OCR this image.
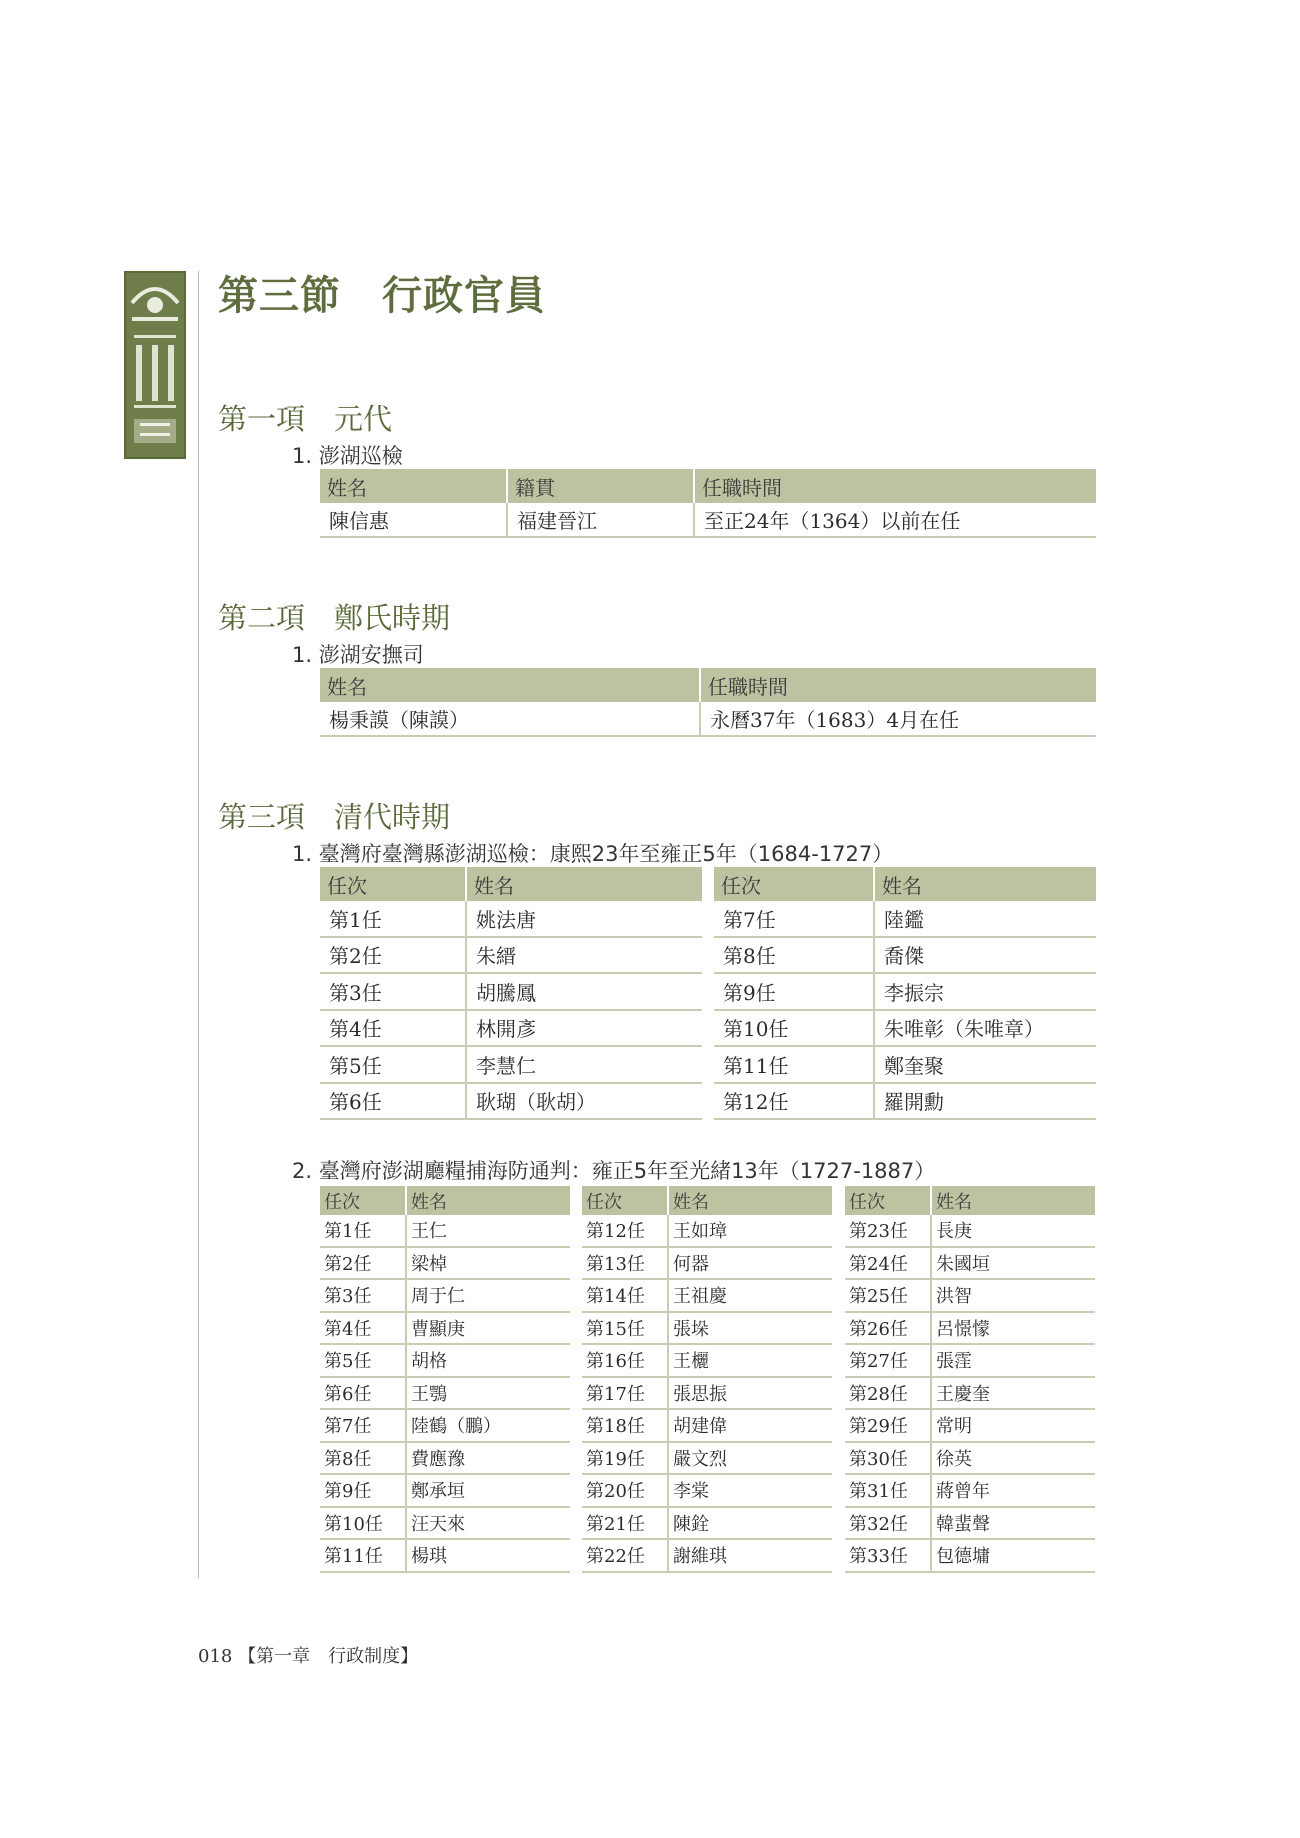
第三節　行政官員
第一項　元代
1. 澎湖巡檢
姓名	籍貫	任職時間
陳信惠	福建晉江	至正24年（1364）以前在任
第二項　鄭氏時期
1. 澎湖安撫司
姓名	任職時間
楊秉謨（陳謨）	永曆37年（1683）4月在任
第三項　清代時期
1. 臺灣府臺灣縣澎湖巡檢：康熙23年至雍正5年（1684-1727）
任次	姓名
第1任	姚法唐
第2任	朱縉
第3任	胡騰鳳
第4任	林開彥
第5任	李慧仁
第6任	耿瑚（耿胡）
任次	姓名
第7任	陸鑑
第8任	喬傑
第9任	李振宗
第10任	朱唯彰（朱唯章）
第11任	鄭奎聚
第12任	羅開勳
2. 臺灣府澎湖廳糧捕海防通判：雍正5年至光緒13年（1727-1887）
任次	姓名
第1任	王仁
第2任	梁棹
第3任	周于仁
第4任	曹顯庚
第5任	胡格
第6任	王鶚
第7任	陸鶴（鵬）
第8任	費應豫
第9任	鄭承垣
第10任	汪天來
第11任	楊琪
任次	姓名
第12任	王如璋
第13任	何器
第14任	王祖慶
第15任	張垛
第16任	王欐
第17任	張思振
第18任	胡建偉
第19任	嚴文烈
第20任	李棠
第21任	陳銓
第22任	謝維琪
任次	姓名
第23任	長庚
第24任	朱國垣
第25任	洪智
第26任	呂憬懞
第27任	張霔
第28任	王慶奎
第29任	常明
第30任	徐英
第31任	蔣曾年
第32任	韓蜚聲
第33任	包德墉
018 【第一章　行政制度】
